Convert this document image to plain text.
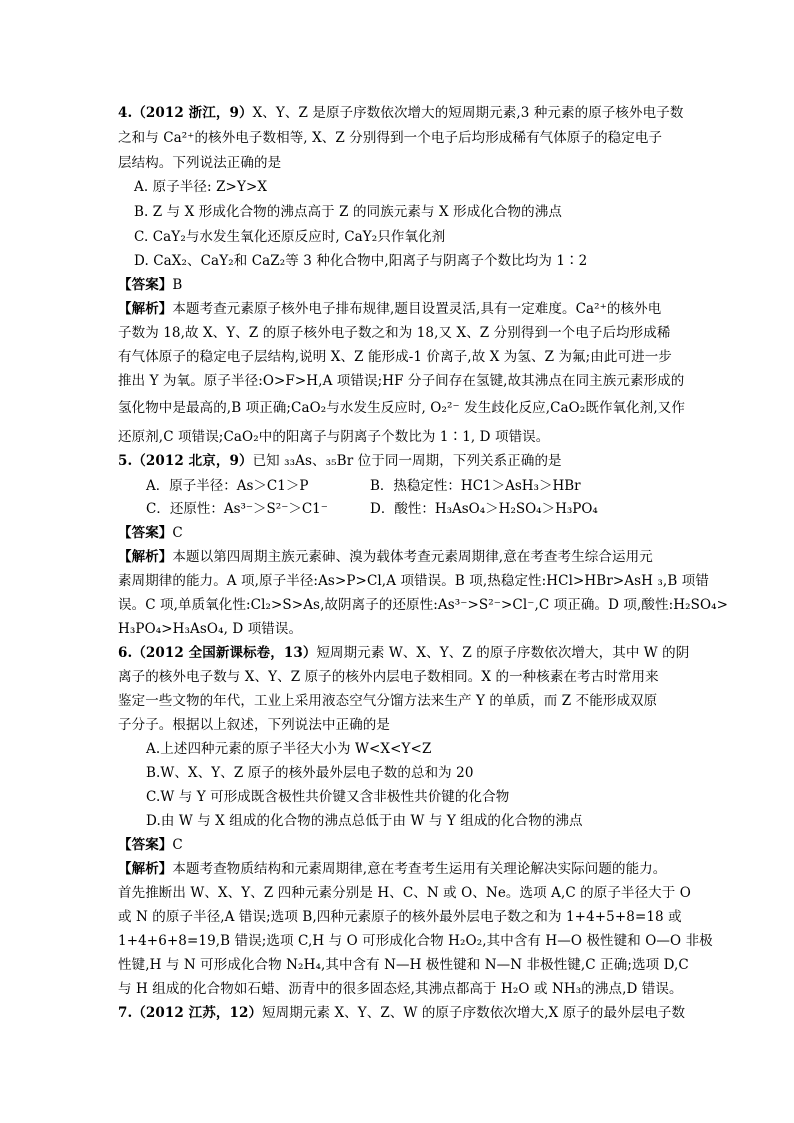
4.（2012 浙江，9）X、Y、Z 是原子序数依次增大的短周期元素,3 种元素的原子核外电子数
之和与 Ca²⁺的核外电子数相等, X、Z 分别得到一个电子后均形成稀有气体原子的稳定电子
层结构。下列说法正确的是
A. 原子半径: Z>Y>X
B. Z 与 X 形成化合物的沸点高于 Z 的同族元素与 X 形成化合物的沸点
C. CaY₂与水发生氧化还原反应时, CaY₂只作氧化剂
D. CaX₂、CaY₂和 CaZ₂等 3 种化合物中,阳离子与阴离子个数比均为 1∶2
【答案】B
【解析】本题考查元素原子核外电子排布规律,题目设置灵活,具有一定难度。Ca²⁺的核外电
子数为 18,故 X、Y、Z 的原子核外电子数之和为 18,又 X、Z 分别得到一个电子后均形成稀
有气体原子的稳定电子层结构,说明 X、Z 能形成-1 价离子,故 X 为氢、Z 为氟;由此可进一步
推出 Y 为氧。原子半径:O>F>H,A 项错误;HF 分子间存在氢键,故其沸点在同主族元素形成的
氢化物中是最高的,B 项正确;CaO₂与水发生反应时, O₂²⁻ 发生歧化反应,CaO₂既作氧化剂,又作
还原剂,C 项错误;CaO₂中的阳离子与阴离子个数比为 1∶1, D 项错误。
5.（2012 北京，9）已知 ₃₃As、₃₅Br 位于同一周期，下列关系正确的是
A．原子半径：As＞C1＞P	B．热稳定性：HC1＞AsH₃＞HBr
C．还原性：As³⁻＞S²⁻＞C1⁻	D．酸性：H₃AsO₄＞H₂SO₄＞H₃PO₄
【答案】C
【解析】本题以第四周期主族元素砷、溴为载体考查元素周期律,意在考查考生综合运用元
素周期律的能力。A 项,原子半径:As>P>Cl,A 项错误。B 项,热稳定性:HCl>HBr>AsH ₃,B 项错
误。C 项,单质氧化性:Cl₂>S>As,故阴离子的还原性:As³⁻>S²⁻>Cl⁻,C 项正确。D 项,酸性:H₂SO₄>
H₃PO₄>H₃AsO₄, D 项错误。
6.（2012 全国新课标卷，13）短周期元素 W、X、Y、Z 的原子序数依次增大，其中 W 的阴
离子的核外电子数与 X、Y、Z 原子的核外内层电子数相同。X 的一种核素在考古时常用来
鉴定一些文物的年代，工业上采用液态空气分馏方法来生产 Y 的单质，而 Z 不能形成双原
子分子。根据以上叙述，下列说法中正确的是
A.上述四种元素的原子半径大小为 W<X<Y<Z
B.W、X、Y、Z 原子的核外最外层电子数的总和为 20
C.W 与 Y 可形成既含极性共价键又含非极性共价键的化合物
D.由 W 与 X 组成的化合物的沸点总低于由 W 与 Y 组成的化合物的沸点
【答案】C
【解析】本题考查物质结构和元素周期律,意在考查考生运用有关理论解决实际问题的能力。
首先推断出 W、X、Y、Z 四种元素分别是 H、C、N 或 O、Ne。选项 A,C 的原子半径大于 O
或 N 的原子半径,A 错误;选项 B,四种元素原子的核外最外层电子数之和为 1+4+5+8=18 或
1+4+6+8=19,B 错误;选项 C,H 与 O 可形成化合物 H₂O₂,其中含有 H—O 极性键和 O—O 非极
性键,H 与 N 可形成化合物 N₂H₄,其中含有 N—H 极性键和 N—N 非极性键,C 正确;选项 D,C
与 H 组成的化合物如石蜡、沥青中的很多固态烃,其沸点都高于 H₂O 或 NH₃的沸点,D 错误。
7.（2012 江苏，12）短周期元素 X、Y、Z、W 的原子序数依次增大,X 原子的最外层电子数
